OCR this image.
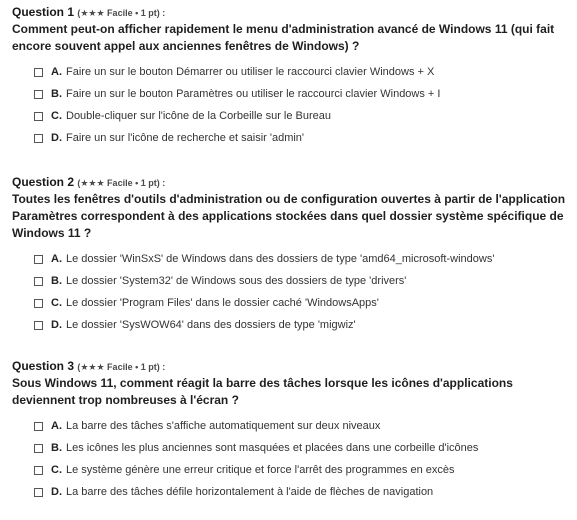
Question 1 (★★★ Facile • 1 pt) :

Comment peut-on afficher rapidement le menu d'administration avancé de Windows 11 (qui fait encore souvent appel aux anciennes fenêtres de Windows) ?

A. Faire un sur le bouton Démarrer ou utiliser le raccourci clavier Windows + X
B. Faire un sur le bouton Paramètres ou utiliser le raccourci clavier Windows + I
C. Double-cliquer sur l'icône de la Corbeille sur le Bureau
D. Faire un sur l'icône de recherche et saisir 'admin'
Question 2 (★★★ Facile • 1 pt) :

Toutes les fenêtres d'outils d'administration ou de configuration ouvertes à partir de l'application Paramètres correspondent à des applications stockées dans quel dossier système spécifique de Windows 11 ?

A. Le dossier 'WinSxS' de Windows dans des dossiers de type 'amd64_microsoft-windows'
B. Le dossier 'System32' de Windows sous des dossiers de type 'drivers'
C. Le dossier 'Program Files' dans le dossier caché 'WindowsApps'
D. Le dossier 'SysWOW64' dans des dossiers de type 'migwiz'
Question 3 (★★★ Facile • 1 pt) :

Sous Windows 11, comment réagit la barre des tâches lorsque les icônes d'applications deviennent trop nombreuses à l'écran ?

A. La barre des tâches s'affiche automatiquement sur deux niveaux
B. Les icônes les plus anciennes sont masquées et placées dans une corbeille d'icônes
C. Le système génère une erreur critique et force l'arrêt des programmes en excès
D. La barre des tâches défile horizontalement à l'aide de flèches de navigation
